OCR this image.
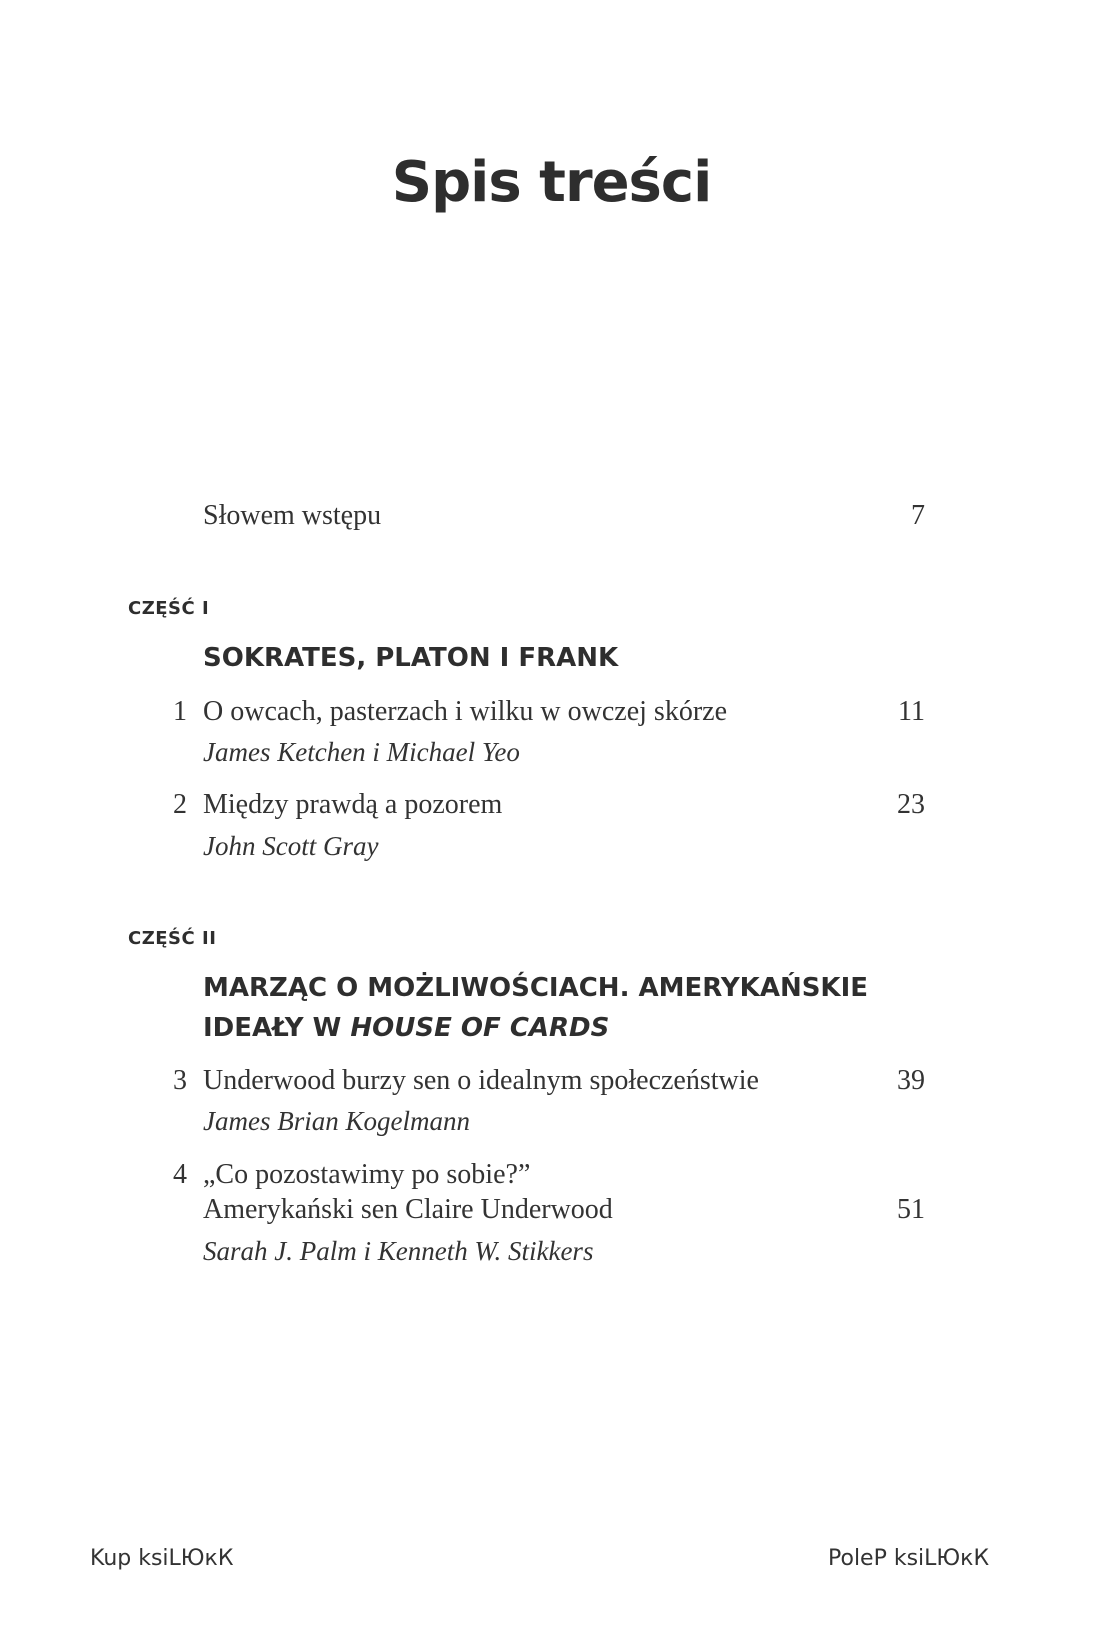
Spis treści
Słowem wstępu	7
CZĘŚĆ I
SOKRATES, PLATON I FRANK
1 O owcach, pasterzach i wilku w owczej skórze	11
James Ketchen i Michael Yeo
2 Między prawdą a pozorem	23
John Scott Gray
CZĘŚĆ II
MARZĄC O MOŻLIWOŚCIACH. AMERYKAŃSKIE
IDEAŁY W HOUSE OF CARDS
3 Underwood burzy sen o idealnym społeczeństwie	39
James Brian Kogelmann
4 „Co pozostawimy po sobie?”
Amerykański sen Claire Underwood	51
Sarah J. Palm i Kenneth W. Stikkers
Kup ksiLЮкК	PoleP ksiLЮкК
